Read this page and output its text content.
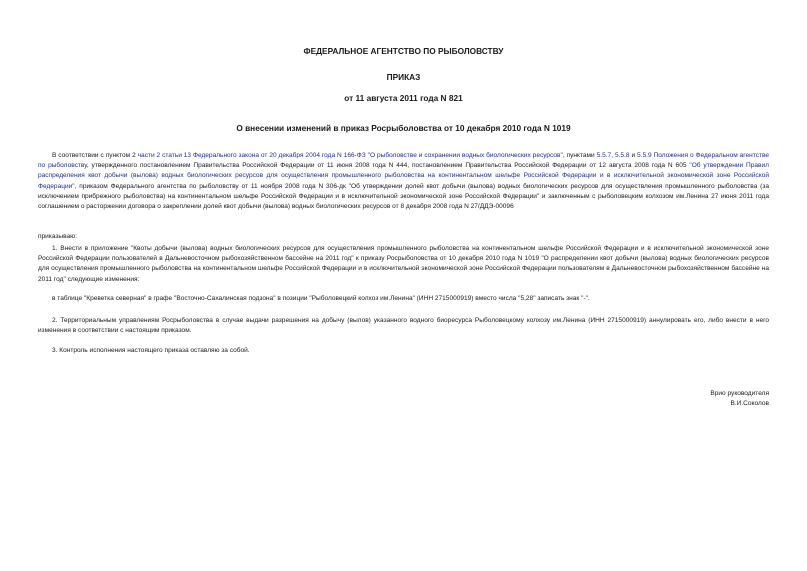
ФЕДЕРАЛЬНОЕ АГЕНТСТВО ПО РЫБОЛОВСТВУ
ПРИКАЗ
от 11 августа 2011 года N 821
О внесении изменений в приказ Росрыболовства от 10 декабря 2010 года N 1019

В соответствии с пунктом 2 части 2 статьи 13 Федерального закона от 20 декабря 2004 года N 166-ФЗ "О рыболовстве и сохранении водных биологических ресурсов", пунктами 5.5.7, 5.5.8 и 5.5.9 Положения о Федеральном агентстве по рыболовству, утвержденного постановлением Правительства Российской Федерации от 11 июня 2008 года N 444, постановлением Правительства Российской Федерации от 12 августа 2008 года N 605 "Об утверждении Правил распределения квот добычи (вылова) водных биологических ресурсов для осуществления промышленного рыболовства на континентальном шельфе Российской Федерации и в исключительной экономической зоне Российской Федерации", приказом Федерального агентства по рыболовству от 11 ноября 2008 года N 306-дк "Об утверждении долей квот добычи (вылова) водных биологических ресурсов для осуществления промышленного рыболовства (за исключением прибрежного рыболовства) на континентальном шельфе Российской Федерации и в исключительной экономической зоне Российской Федерации" и заключенным с рыболовецким колхозом им.Ленина 27 июня 2011 года соглашением о расторжении договора о закреплении долей квот добычи (вылова) водных биологических ресурсов от 8 декабря 2008 года N 27/ДДЭ-00096

приказываю:

1. Внести в приложение "Квоты добычи (вылова) водных биологических ресурсов для осуществления промышленного рыболовства на континентальном шельфе Российской Федерации и в исключительной экономической зоне Российской Федерации пользователей в Дальневосточном рыбохозяйственном бассейне на 2011 год" к приказу Росрыболовства от 10 декабря 2010 года N 1019 "О распределении квот добычи (вылова) водных биологических ресурсов для осуществления промышленного рыболовства на континентальном шельфе Российской Федерации и в исключительной экономической зоне Российской Федерации пользователям в Дальневосточном рыбохозяйственном бассейне на 2011 год" следующие изменения:

в таблице "Креветка северная" в графе "Восточно-Сахалинская подзона" в позиции "Рыболовецкий колхоз им.Ленина" (ИНН 2715000919) вместо числа "5,28" записать знак "-".

2. Территориальным управлениям Росрыболовства в случае выдачи разрешения на добычу (вылов) указанного водного биоресурса Рыболовецкому колхозу им.Ленина (ИНН 2715000919) аннулировать его, либо внести в него изменения в соответствии с настоящим приказом.

3. Контроль исполнения настоящего приказа оставляю за собой.

Врио руководителя
В.И.Соколов
